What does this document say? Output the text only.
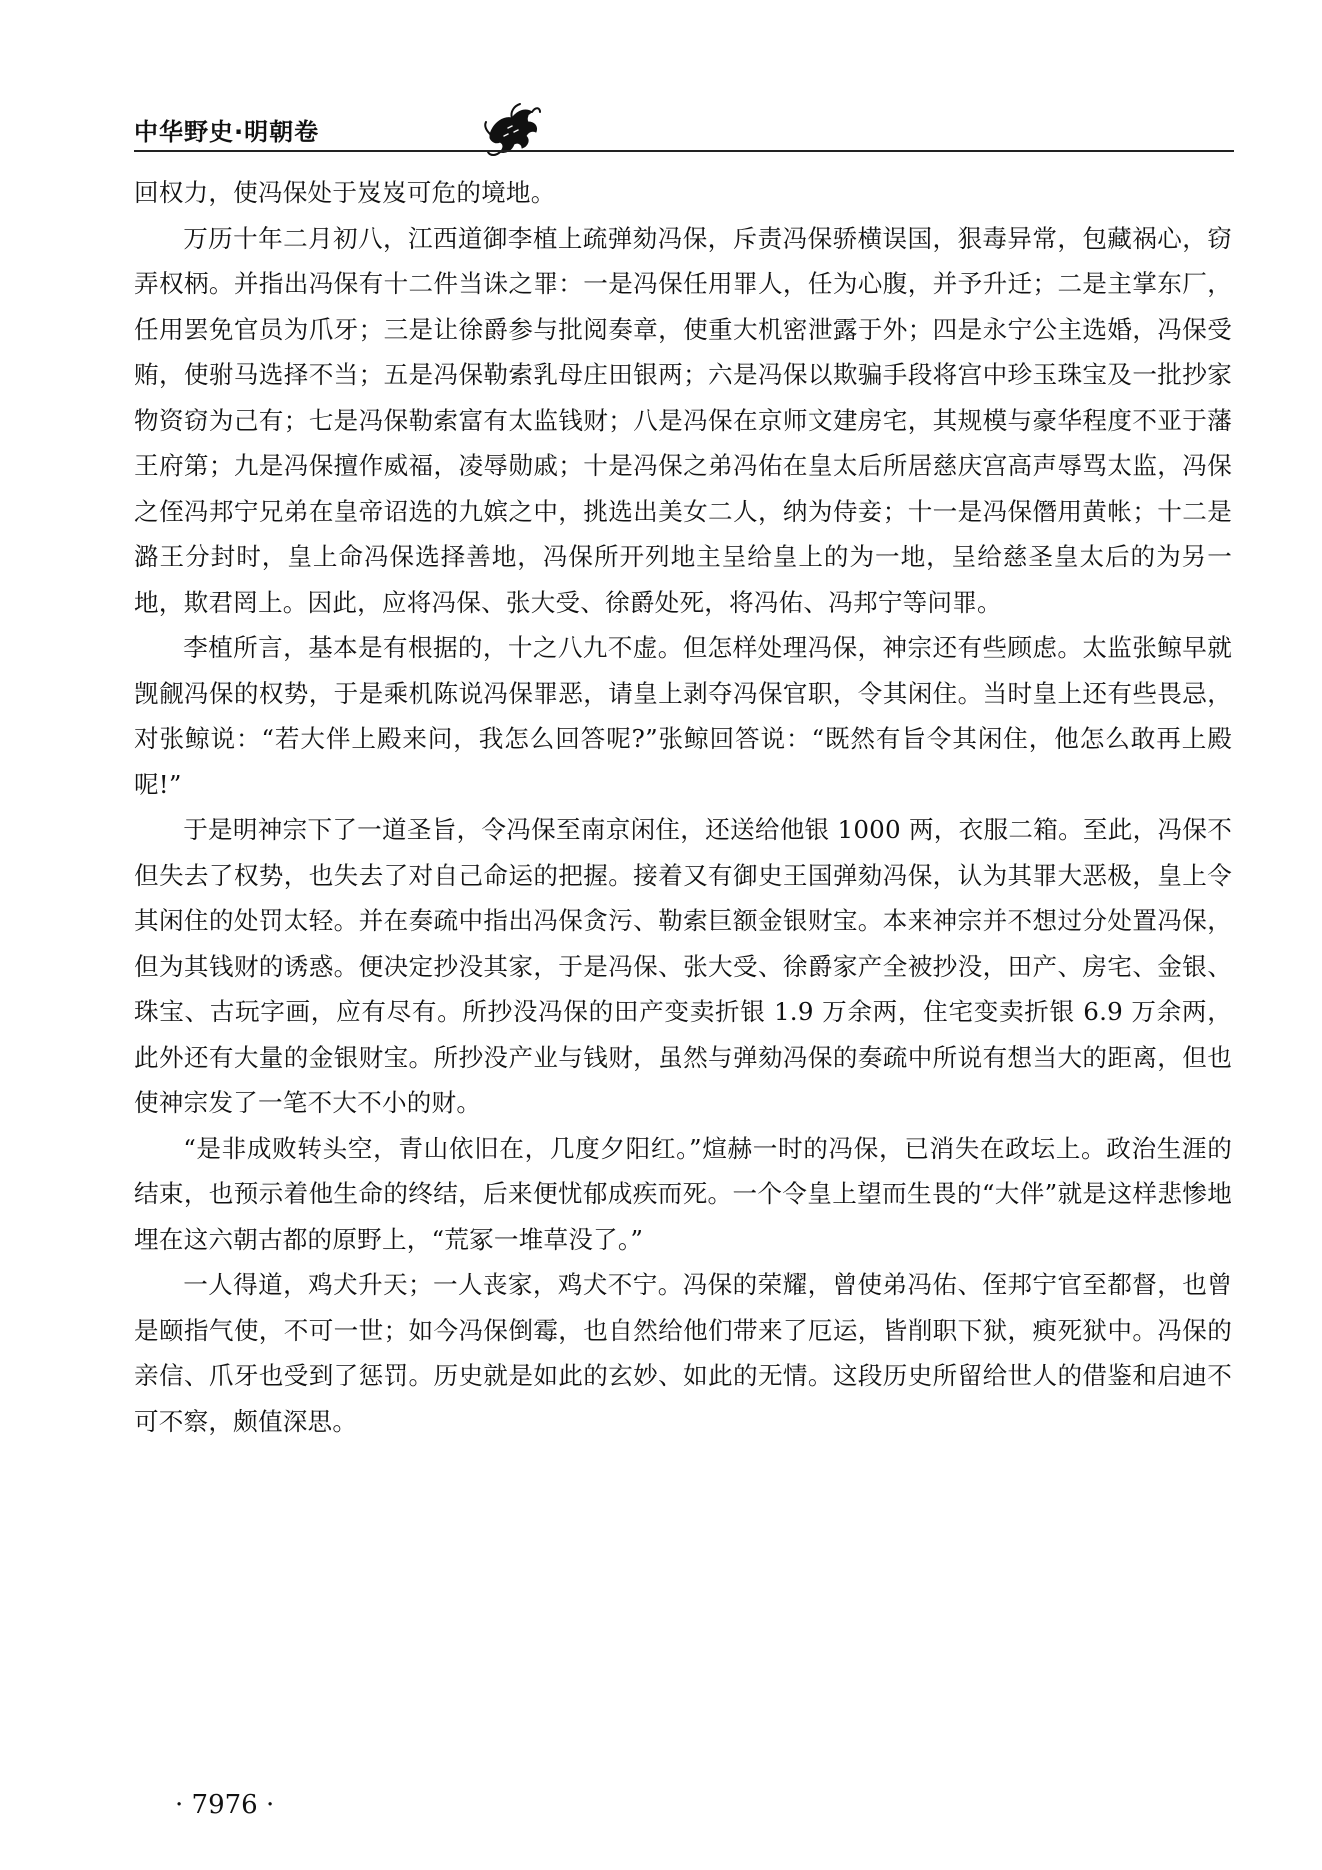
中华野史·明朝卷

回权力，使冯保处于岌岌可危的境地。

万历十年二月初八，江西道御李植上疏弹劾冯保，斥责冯保骄横误国，狠毒异常，包藏祸心，窃弄权柄。并指出冯保有十二件当诛之罪：一是冯保任用罪人，任为心腹，并予升迁；二是主掌东厂，任用罢免官员为爪牙；三是让徐爵参与批阅奏章，使重大机密泄露于外；四是永宁公主选婚，冯保受贿，使驸马选择不当；五是冯保勒索乳母庄田银两；六是冯保以欺骗手段将宫中珍玉珠宝及一批抄家物资窃为己有；七是冯保勒索富有太监钱财；八是冯保在京师文建房宅，其规模与豪华程度不亚于藩王府第；九是冯保擅作威福，凌辱勋戚；十是冯保之弟冯佑在皇太后所居慈庆宫高声辱骂太监，冯保之侄冯邦宁兄弟在皇帝诏选的九嫔之中，挑选出美女二人，纳为侍妾；十一是冯保僭用黄帐；十二是潞王分封时，皇上命冯保选择善地，冯保所开列地主呈给皇上的为一地，呈给慈圣皇太后的为另一地，欺君罔上。因此，应将冯保、张大受、徐爵处死，将冯佑、冯邦宁等问罪。

李植所言，基本是有根据的，十之八九不虚。但怎样处理冯保，神宗还有些顾虑。太监张鲸早就觊觎冯保的权势，于是乘机陈说冯保罪恶，请皇上剥夺冯保官职，令其闲住。当时皇上还有些畏忌，对张鲸说：“若大伴上殿来问，我怎么回答呢?”张鲸回答说：“既然有旨令其闲住，他怎么敢再上殿呢!”

于是明神宗下了一道圣旨，令冯保至南京闲住，还送给他银 1000 两，衣服二箱。至此，冯保不但失去了权势，也失去了对自己命运的把握。接着又有御史王国弹劾冯保，认为其罪大恶极，皇上令其闲住的处罚太轻。并在奏疏中指出冯保贪污、勒索巨额金银财宝。本来神宗并不想过分处置冯保，但为其钱财的诱惑。便决定抄没其家，于是冯保、张大受、徐爵家产全被抄没，田产、房宅、金银、珠宝、古玩字画，应有尽有。所抄没冯保的田产变卖折银 1.9 万余两，住宅变卖折银 6.9 万余两，此外还有大量的金银财宝。所抄没产业与钱财，虽然与弹劾冯保的奏疏中所说有想当大的距离，但也使神宗发了一笔不大不小的财。

“是非成败转头空，青山依旧在，几度夕阳红。”煊赫一时的冯保，已消失在政坛上。政治生涯的结束，也预示着他生命的终结，后来便忧郁成疾而死。一个令皇上望而生畏的“大伴”就是这样悲惨地埋在这六朝古都的原野上，“荒冢一堆草没了。”

一人得道，鸡犬升天；一人丧家，鸡犬不宁。冯保的荣耀，曾使弟冯佑、侄邦宁官至都督，也曾是颐指气使，不可一世；如今冯保倒霉，也自然给他们带来了厄运，皆削职下狱，瘐死狱中。冯保的亲信、爪牙也受到了惩罚。历史就是如此的玄妙、如此的无情。这段历史所留给世人的借鉴和启迪不可不察，颇值深思。

· 7976 ·
